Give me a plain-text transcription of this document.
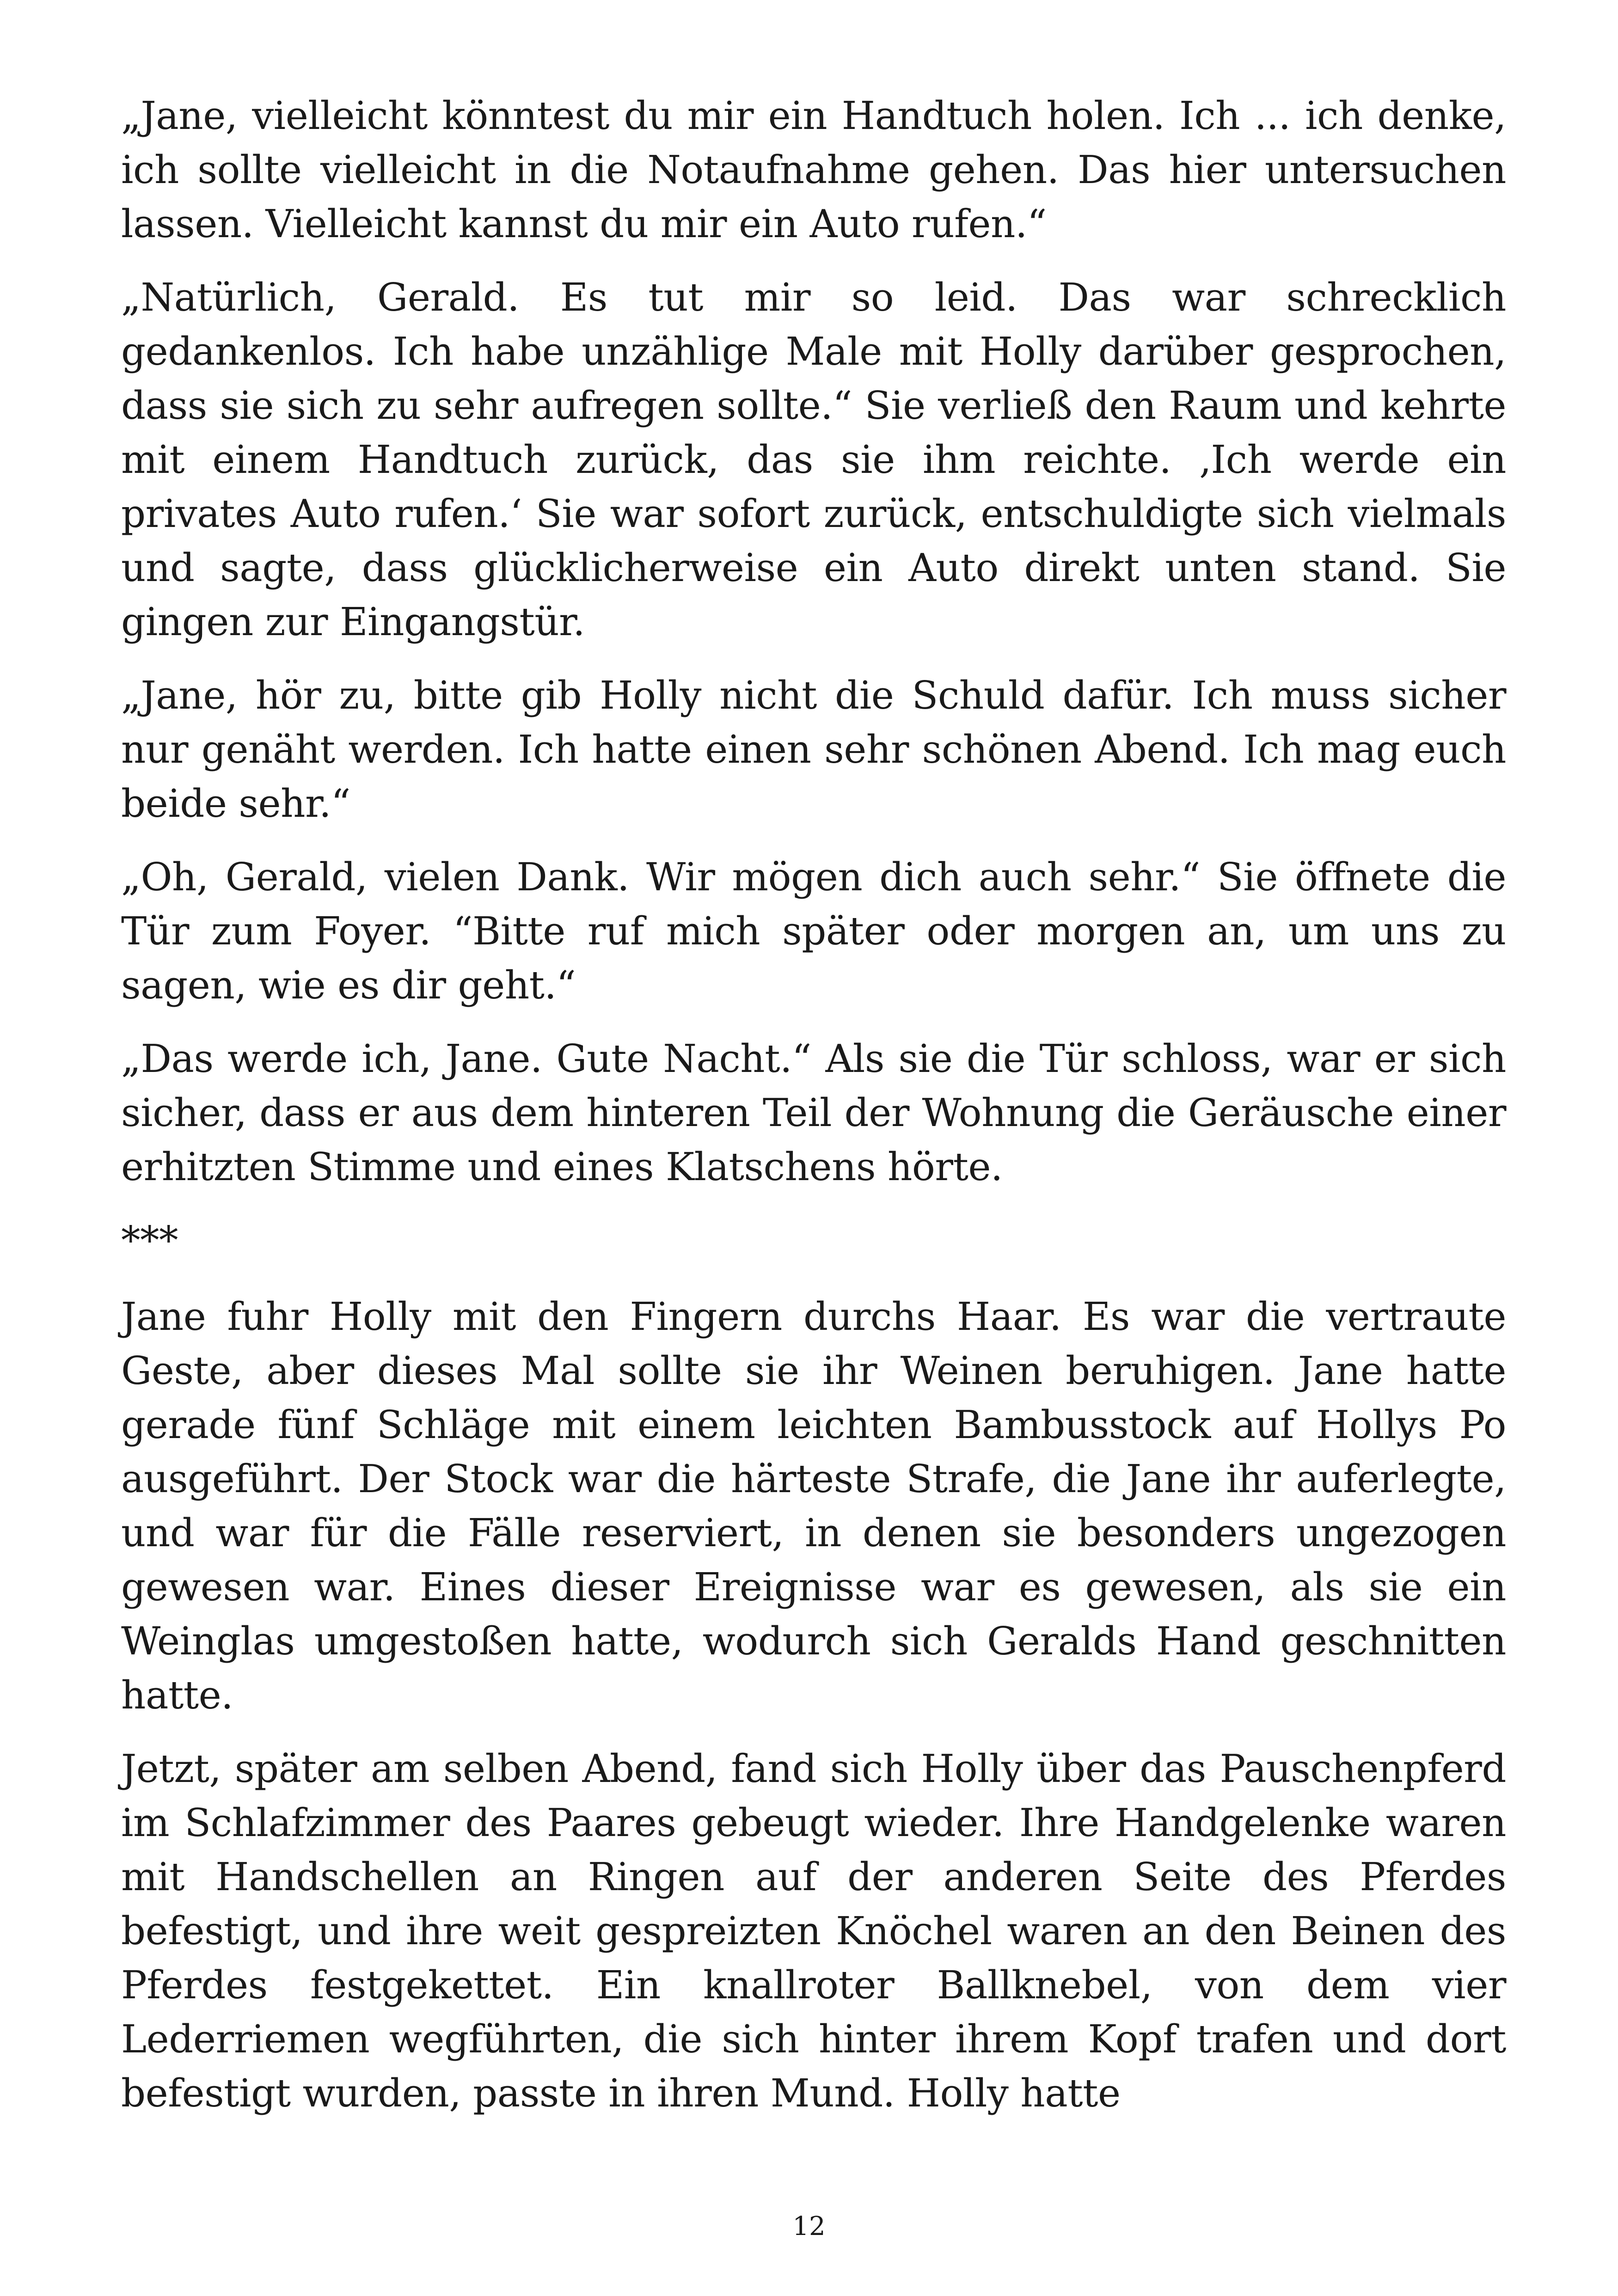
„Jane, vielleicht könntest du mir ein Handtuch holen. Ich ... ich denke, ich sollte vielleicht in die Notaufnahme gehen. Das hier untersuchen lassen. Vielleicht kannst du mir ein Auto rufen.“

„Natürlich, Gerald. Es tut mir so leid. Das war schrecklich gedankenlos. Ich habe unzählige Male mit Holly darüber gesprochen, dass sie sich zu sehr aufregen sollte.“ Sie verließ den Raum und kehrte mit einem Handtuch zurück, das sie ihm reichte. ‚Ich werde ein privates Auto rufen.‘ Sie war sofort zurück, entschuldigte sich vielmals und sagte, dass glücklicherweise ein Auto direkt unten stand. Sie gingen zur Eingangstür.

„Jane, hör zu, bitte gib Holly nicht die Schuld dafür. Ich muss sicher nur genäht werden. Ich hatte einen sehr schönen Abend. Ich mag euch beide sehr.“

„Oh, Gerald, vielen Dank. Wir mögen dich auch sehr.“ Sie öffnete die Tür zum Foyer. “Bitte ruf mich später oder morgen an, um uns zu sagen, wie es dir geht.“

„Das werde ich, Jane. Gute Nacht.“ Als sie die Tür schloss, war er sich sicher, dass er aus dem hinteren Teil der Wohnung die Geräusche einer erhitzten Stimme und eines Klatschens hörte.

***

Jane fuhr Holly mit den Fingern durchs Haar. Es war die vertraute Geste, aber dieses Mal sollte sie ihr Weinen beruhigen. Jane hatte gerade fünf Schläge mit einem leichten Bambusstock auf Hollys Po ausgeführt. Der Stock war die härteste Strafe, die Jane ihr auferlegte, und war für die Fälle reserviert, in denen sie besonders ungezogen gewesen war. Eines dieser Ereignisse war es gewesen, als sie ein Weinglas umgestoßen hatte, wodurch sich Geralds Hand geschnitten hatte.

Jetzt, später am selben Abend, fand sich Holly über das Pauschenpferd im Schlafzimmer des Paares gebeugt wieder. Ihre Handgelenke waren mit Handschellen an Ringen auf der anderen Seite des Pferdes befestigt, und ihre weit gespreizten Knöchel waren an den Beinen des Pferdes festgekettet. Ein knallroter Ballknebel, von dem vier Lederriemen wegführten, die sich hinter ihrem Kopf trafen und dort befestigt wurden, passte in ihren Mund. Holly hatte

12
